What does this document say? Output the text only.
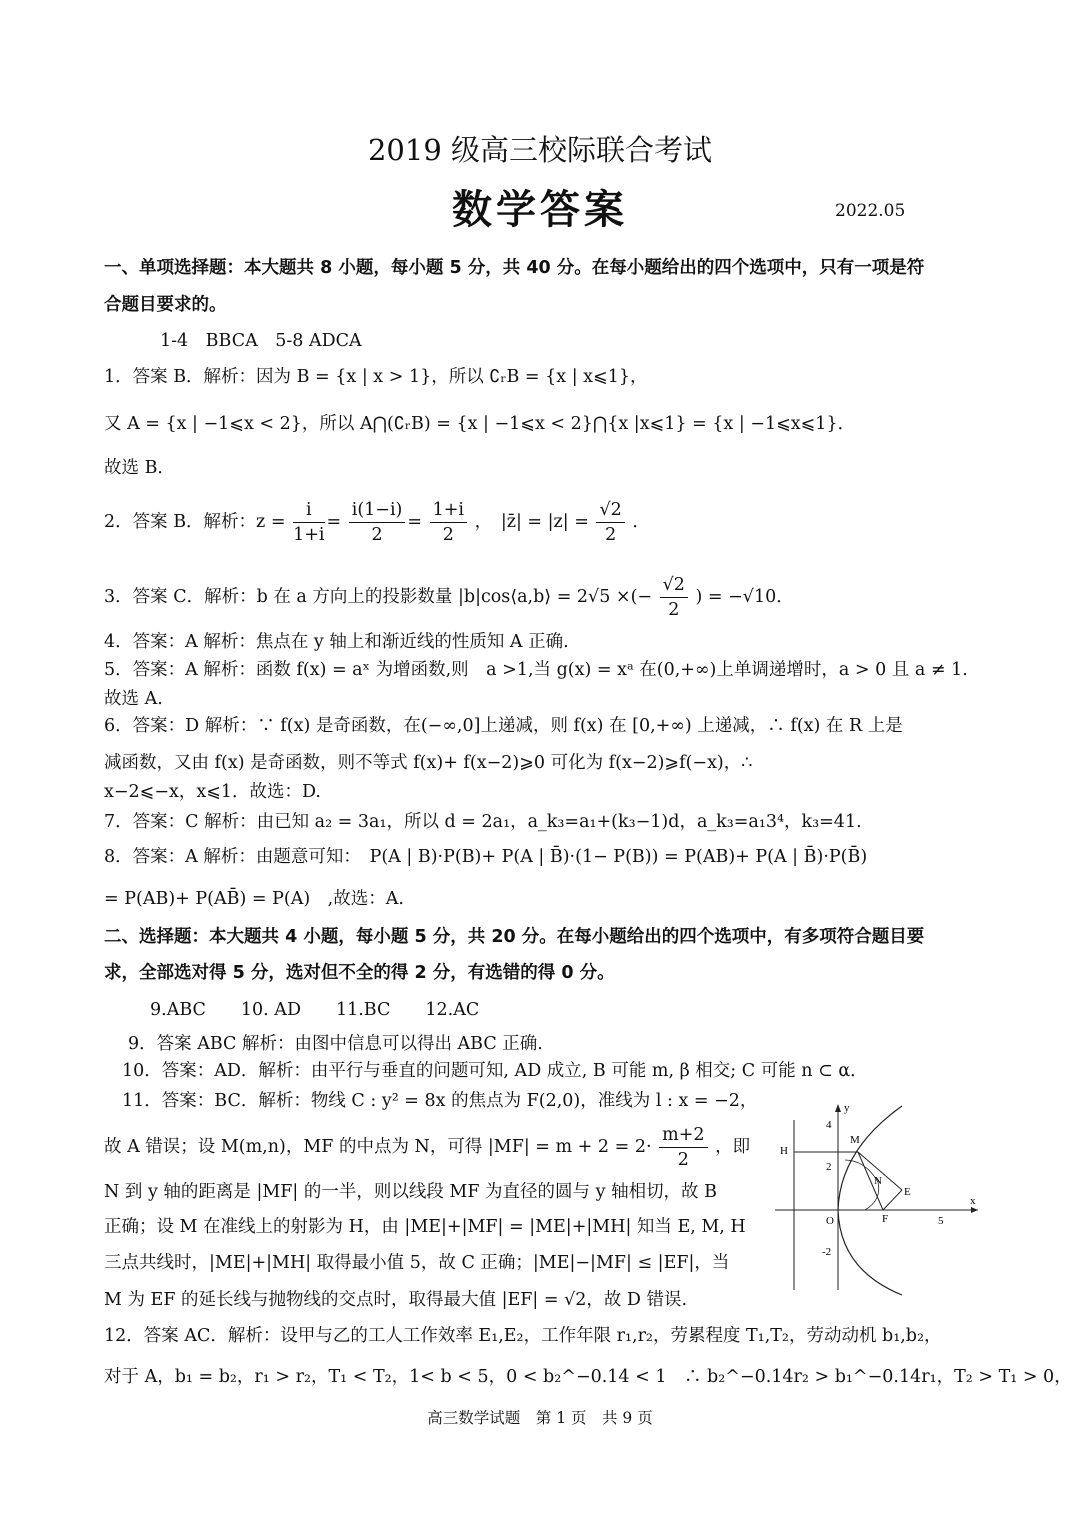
2019 级高三校际联合考试
数学答案	2022.05
一、单项选择题：本大题共 8 小题，每小题 5 分，共 40 分。在每小题给出的四个选项中，只有一项是符
合题目要求的。
1-4　BBCA　5-8 ADCA
1．答案 B．解析：因为 B = {x | x > 1}，所以 ∁ᵣB = {x | x⩽1}，
又 A = {x | −1⩽x < 2}，所以 A⋂(∁ᵣB) = {x | −1⩽x < 2}⋂{x |x⩽1} = {x | −1⩽x⩽1}．
故选 B．
2．答案 B．解析：$z = \frac{i}{1+i} = \frac{i(1-i)}{2} = \frac{1+i}{2}$ ，　|z̄| = $|z| = \frac{√2}{2}$ ．
3．答案 C．解析：b 在 a 方向上的投影数量 |b|cos⟨a,b⟩ = 2√5 ×(− $\frac{√2}{2}$ ) = −√10．
4．答案：A 解析：焦点在 y 轴上和渐近线的性质知 A 正确.
5．答案：A 解析：函数 f(x) = aˣ 为增函数,则　a >1,当 g(x) = xᵃ 在(0,+∞)上单调递增时，a > 0 且 a ≠ 1.
故选 A.
6．答案：D 解析：∵ f(x) 是奇函数，在(−∞,0]上递减，则 f(x) 在 [0,+∞) 上递减，∴ f(x) 在 R 上是
减函数，又由 f(x) 是奇函数，则不等式 f(x)+ f(x−2)⩾0 可化为 f(x−2)⩾f(−x)，∴
x−2⩽−x，x⩽1．故选：D.
7．答案：C 解析：由已知 a₂ = 3a₁，所以 d = 2a₁，a_k₃=a₁+(k₃−1)d，a_k₃=a₁3⁴，k₃=41.
8．答案：A 解析：由题意可知：　P(A | B)·P(B)+ P(A | B̄)·(1− P(B)) = P(AB)+ P(A | B̄)·P(B̄)
= P(AB)+ P(AB̄) = P(A)　,故选：A.
二、选择题：本大题共 4 小题，每小题 5 分，共 20 分。在每小题给出的四个选项中，有多项符合题目要
求，全部选对得 5 分，选对但不全的得 2 分，有选错的得 0 分。
9.ABC　　10. AD　　11.BC　　12.AC
9．答案 ABC 解析：由图中信息可以得出 ABC 正确.
10．答案：AD．解析：由平行与垂直的问题可知, AD 成立, B 可能 m, β 相交; C 可能 n ⊂ α．
11．答案：BC．解析：物线 C : y² = 8x 的焦点为 F(2,0)，准线为 l : x = −2，
故 A 错误；设 M(m,n)，MF 的中点为 N，可得 $|MF| = m + 2 = 2\cdot \frac{m+2}{2}$ ，即
N 到 y 轴的距离是 |MF| 的一半，则以线段 MF 为直径的圆与 y 轴相切，故 B
正确；设 M 在准线上的射影为 H，由 |ME|+|MF| = |ME|+|MH| 知当 E, M, H
三点共线时，|ME|+|MH| 取得最小值 5，故 C 正确；|ME|−|MF| ≤ |EF|，当
M 为 EF 的延长线与抛物线的交点时，取得最大值 |EF| = √2，故 D 错误.
12．答案 AC．解析：设甲与乙的工人工作效率 E₁,E₂，工作年限 r₁,r₂，劳累程度 T₁,T₂，劳动动机 b₁,b₂，
对于 A，b₁ = b₂，r₁ > r₂，T₁ < T₂，1< b < 5，0 < b₂^−0.14 < 1　∴ b₂^−0.14r₂ > b₁^−0.14r₁，T₂ > T₁ > 0，
y
x
4
2
-2
5
O
H
M
N
E
F
高三数学试题　第 1 页　共 9 页
